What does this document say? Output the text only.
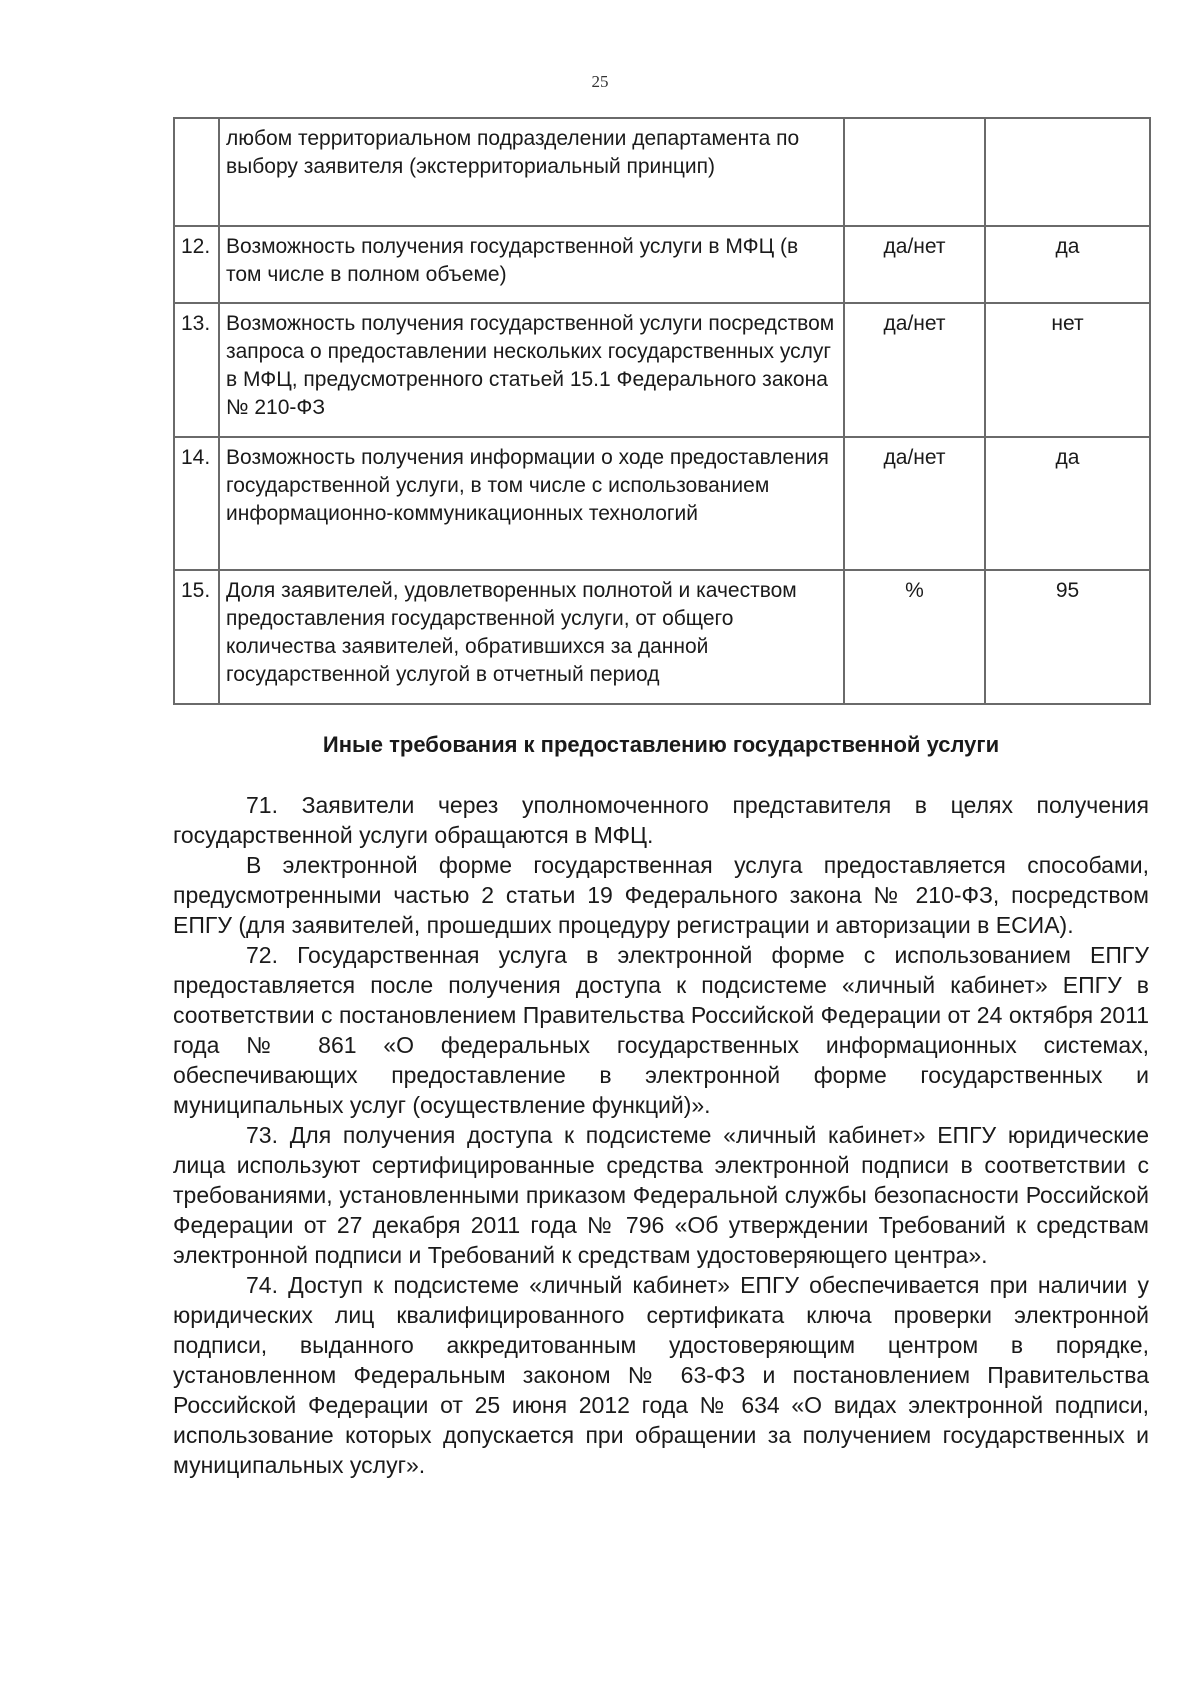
25
	любом территориальном подразделении департамента по выбору заявителя (экстерриториальный принцип)		
12.	Возможность получения государственной услуги в МФЦ (в том числе в полном объеме)	да/нет	да
13.	Возможность получения государственной услуги посредством запроса о предоставлении нескольких государственных услуг в МФЦ, предусмотренного статьей 15.1 Федерального закона № 210-ФЗ	да/нет	нет
14.	Возможность получения информации о ходе предоставления государственной услуги, в том числе с использованием информационно-коммуникационных технологий	да/нет	да
15.	Доля заявителей, удовлетворенных полнотой и качеством предоставления государственной услуги, от общего количества заявителей, обратившихся за данной государственной услугой в отчетный период	%	95
Иные требования к предоставлению государственной услуги

71. Заявители через уполномоченного представителя в целях получения государственной услуги обращаются в МФЦ.

В электронной форме государственная услуга предоставляется способами, предусмотренными частью 2 статьи 19 Федерального закона № 210-ФЗ, посредством ЕПГУ (для заявителей, прошедших процедуру регистрации и авторизации в ЕСИА).

72. Государственная услуга в электронной форме с использованием ЕПГУ предоставляется после получения доступа к подсистеме «личный кабинет» ЕПГУ в соответствии с постановлением Правительства Российской Федерации от 24 октября 2011 года № 861 «О федеральных государственных информационных системах, обеспечивающих предоставление в электронной форме государственных и муниципальных услуг (осуществление функций)».

73. Для получения доступа к подсистеме «личный кабинет» ЕПГУ юридические лица используют сертифицированные средства электронной подписи в соответствии с требованиями, установленными приказом Федеральной службы безопасности Российской Федерации от 27 декабря 2011 года № 796 «Об утверждении Требований к средствам электронной подписи и Требований к средствам удостоверяющего центра».

74. Доступ к подсистеме «личный кабинет» ЕПГУ обеспечивается при наличии у юридических лиц квалифицированного сертификата ключа проверки электронной подписи, выданного аккредитованным удостоверяющим центром в порядке, установленном Федеральным законом № 63-ФЗ и постановлением Правительства Российской Федерации от 25 июня 2012 года № 634 «О видах электронной подписи, использование которых допускается при обращении за получением государственных и муниципальных услуг».
